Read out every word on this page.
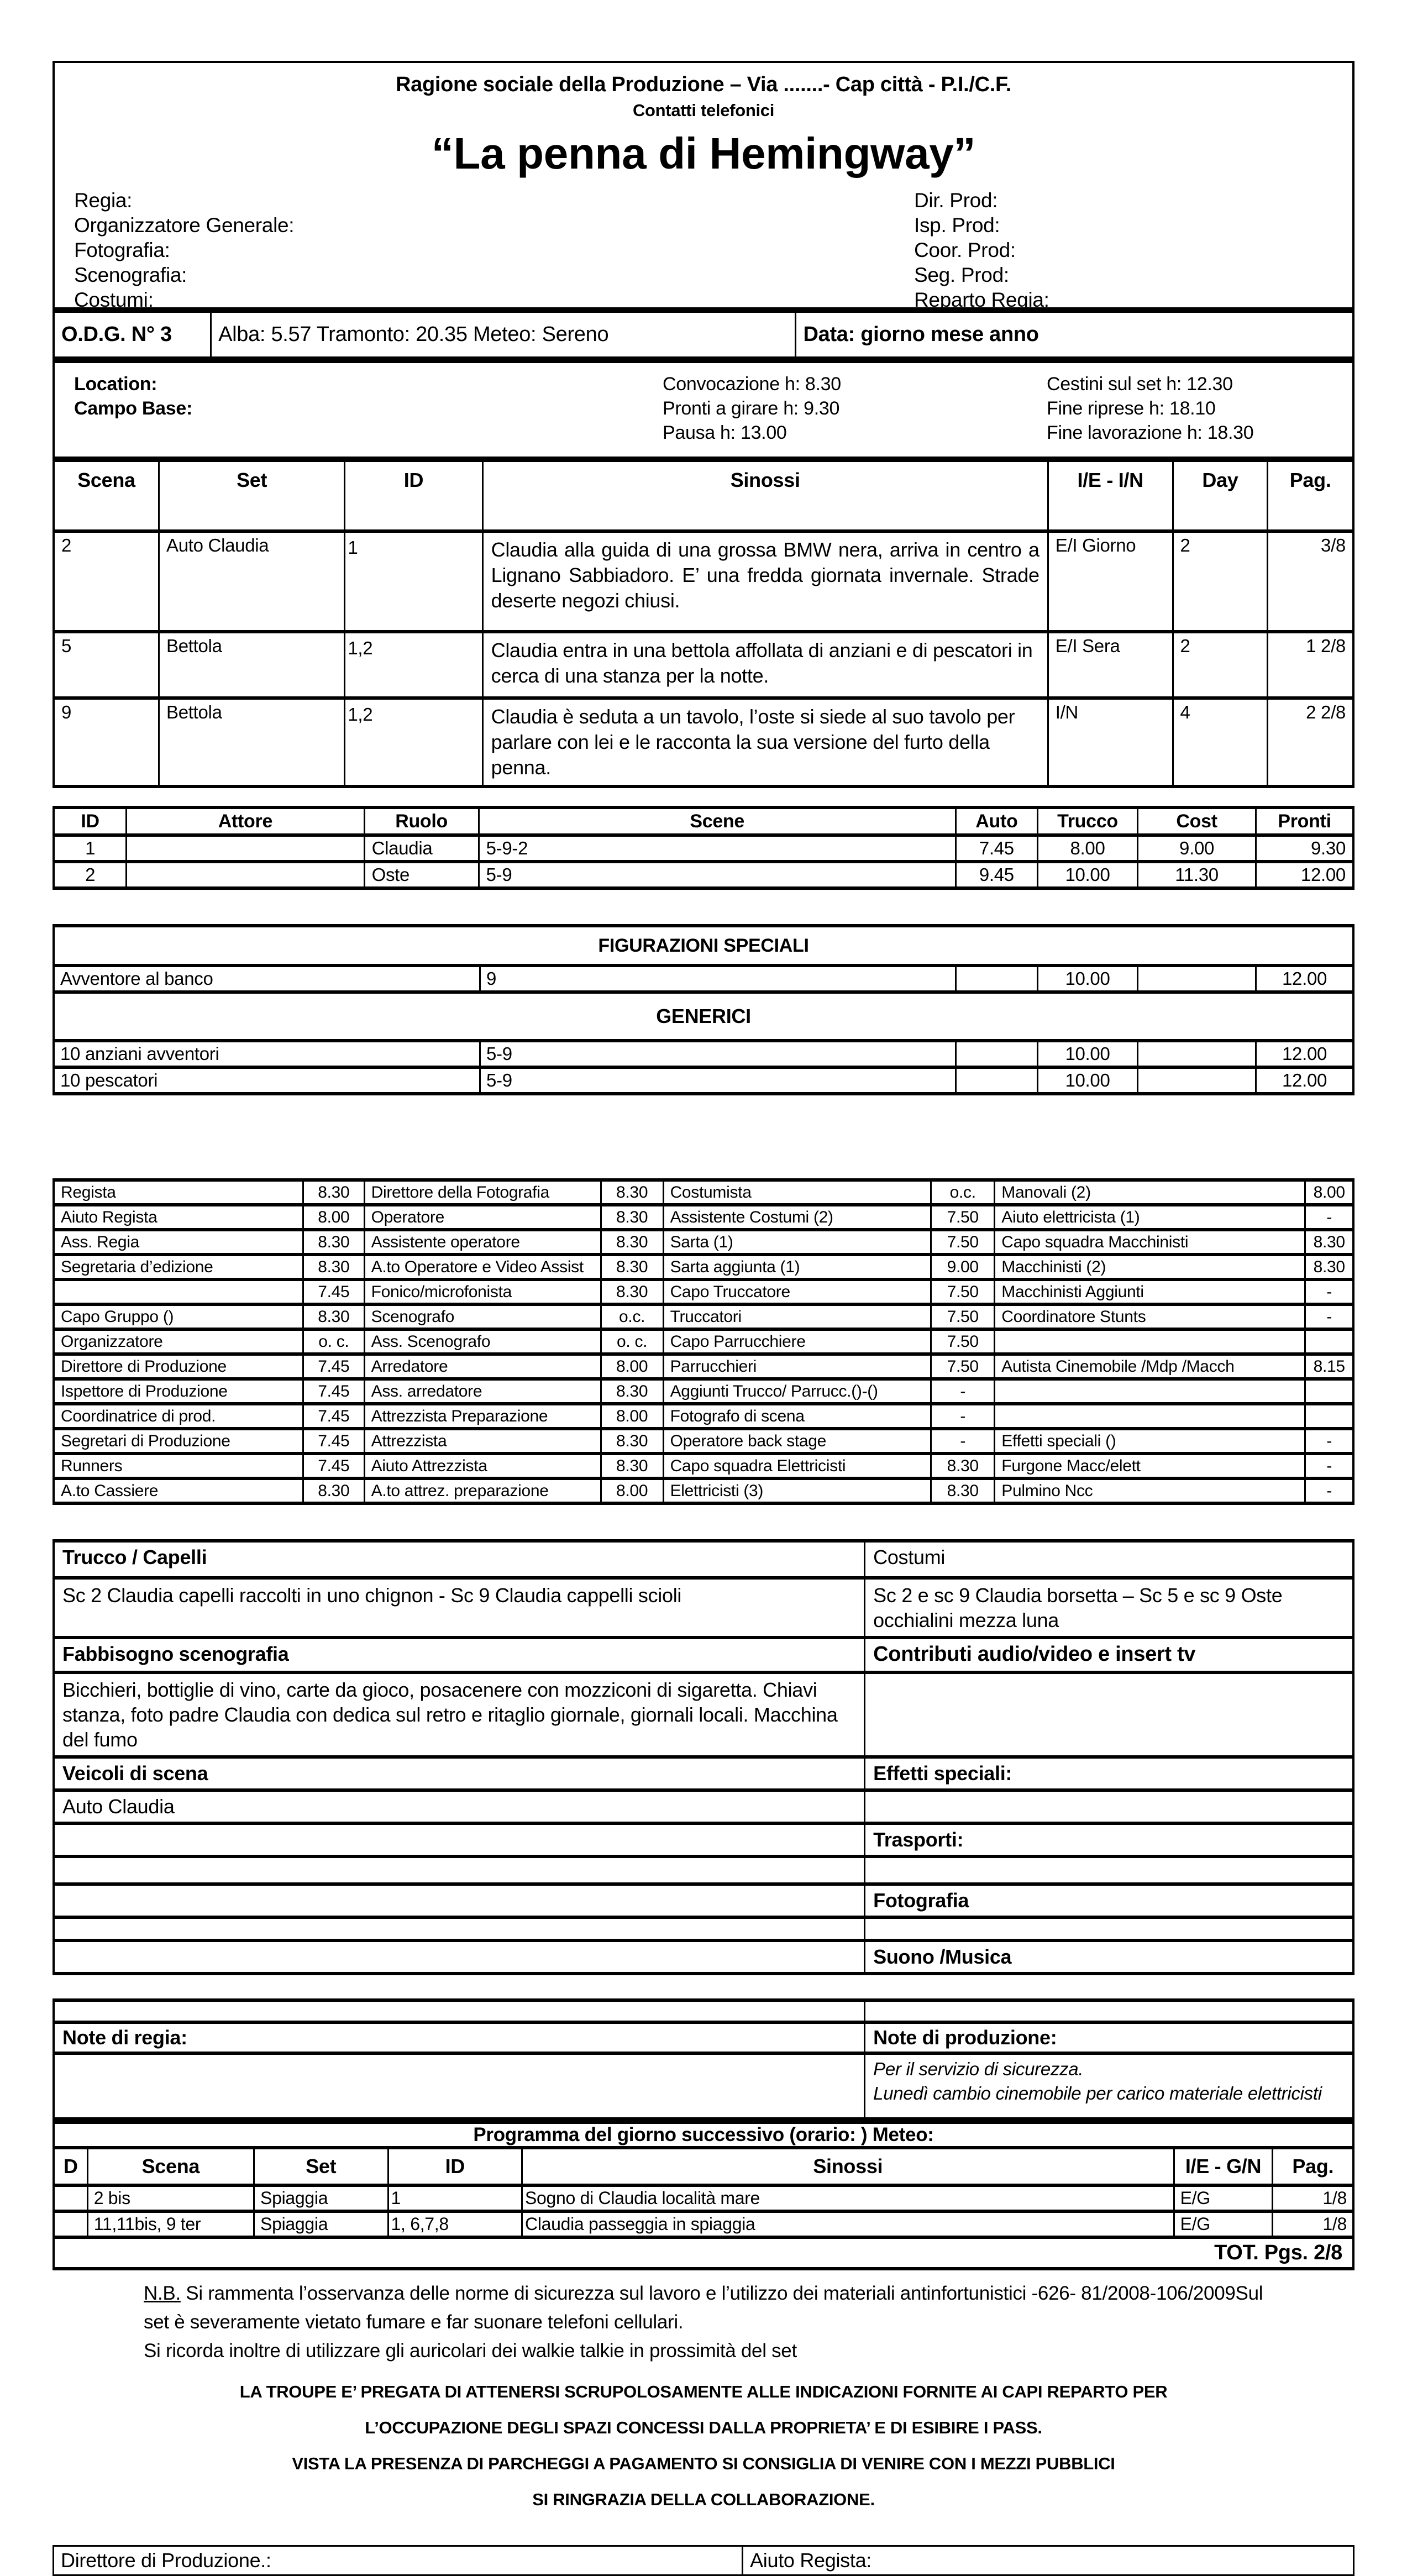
Ragione sociale della Produzione – Via .......- Cap città - P.I./C.F.
Contatti telefonici
“La penna di Hemingway”
Regia:
Organizzatore Generale:
Fotografia:
Scenografia:
Costumi:
Dir. Prod:
Isp. Prod:
Coor. Prod:
Seg. Prod:
Reparto Regia:
O.D.G. N° 3	Alba: 5.57 Tramonto: 20.35 Meteo: Sereno	Data: giorno mese anno
Location:
Campo Base:
Convocazione h: 8.30
Pronti a girare h: 9.30
Pausa h: 13.00
Cestini sul set h: 12.30
Fine riprese h: 18.10
Fine lavorazione h: 18.30
Scena	Set	ID	Sinossi	I/E - I/N	Day	Pag.
2	Auto Claudia	1	Claudia alla guida di una grossa BMW nera, arriva in centro a Lignano Sabbiadoro. E’ una fredda giornata invernale. Strade deserte negozi chiusi.	E/I Giorno	2	3/8
5	Bettola	1,2	Claudia entra in una bettola affollata di anziani e di pescatori in cerca di una stanza per la notte.	E/I Sera	2	1 2/8
9	Bettola	1,2	Claudia è seduta a un tavolo, l’oste si siede al suo tavolo per parlare con lei e le racconta la sua versione del furto della penna.	I/N	4	2 2/8
ID	Attore	Ruolo	Scene	Auto	Trucco	Cost	Pronti
1		Claudia	5-9-2	7.45	8.00	9.00	9.30
2		Oste	5-9	9.45	10.00	11.30	12.00
FIGURAZIONI SPECIALI					
Avventore al banco	9		10.00		12.00
GENERICI					
10 anziani avventori	5-9		10.00		12.00
10 pescatori	5-9		10.00		12.00
Regista	8.30	Direttore della Fotografia	8.30	Costumista	o.c.	Manovali (2)	8.00
Aiuto Regista	8.00	Operatore	8.30	Assistente Costumi (2)	7.50	Aiuto elettricista (1)	-
Ass. Regia	8.30	Assistente operatore	8.30	Sarta (1)	7.50	Capo squadra Macchinisti	8.30
Segretaria d’edizione	8.30	A.to Operatore e Video Assist	8.30	Sarta aggiunta (1)	9.00	Macchinisti (2)	8.30
	7.45	Fonico/microfonista	8.30	Capo Truccatore	7.50	Macchinisti Aggiunti	-
Capo Gruppo ()	8.30	Scenografo	o.c.	Truccatori	7.50	Coordinatore Stunts	-
Organizzatore	o. c.	Ass. Scenografo	o. c.	Capo Parrucchiere	7.50		
Direttore di Produzione	7.45	Arredatore	8.00	Parrucchieri	7.50	Autista Cinemobile /Mdp /Macch	8.15
Ispettore di Produzione	7.45	Ass. arredatore	8.30	Aggiunti Trucco/ Parrucc.()-()	-		
Coordinatrice di prod.	7.45	Attrezzista Preparazione	8.00	Fotografo di scena	-		
Segretari di Produzione	7.45	Attrezzista	8.30	Operatore back stage	-	Effetti speciali ()	-
Runners	7.45	Aiuto Attrezzista	8.30	Capo squadra Elettricisti	8.30	Furgone Macc/elett	-
A.to Cassiere	8.30	A.to attrez. preparazione	8.00	Elettricisti (3)	8.30	Pulmino Ncc	-
Trucco / Capelli	Costumi
Sc 2 Claudia capelli raccolti in uno chignon - Sc 9 Claudia cappelli scioli	Sc 2 e sc 9 Claudia borsetta – Sc 5 e sc 9 Oste occhialini mezza luna
Fabbisogno scenografia	Contributi audio/video e insert tv
Bicchieri, bottiglie di vino, carte da gioco, posacenere con mozziconi di sigaretta. Chiavi stanza, foto padre Claudia con dedica sul retro e ritaglio giornale, giornali locali. Macchina del fumo	
Veicoli di scena	Effetti speciali:
Auto Claudia	
	Trasporti:

	Fotografia

	Suono /Musica

Note di regia:	Note di produzione:

	Per il servizio di sicurezza.
Lunedì cambio cinemobile per carico materiale elettricisti
Programma del giorno successivo (orario: ) Meteo:						
D	Scena	Set	ID	Sinossi	I/E - G/N	Pag.
	2 bis	Spiaggia	1	Sogno di Claudia località mare	E/G	1/8
	11,11bis, 9 ter	Spiaggia	1, 6,7,8	Claudia passeggia in spiaggia	E/G	1/8
TOT. Pgs. 2/8						
N.B. Si rammenta l’osservanza delle norme di sicurezza sul lavoro e l’utilizzo dei materiali antinfortunistici -626- 81/2008-106/2009Sul set è severamente vietato fumare e far suonare telefoni cellulari.
Si ricorda inoltre di utilizzare gli auricolari dei walkie talkie in prossimità del set
LA TROUPE E’ PREGATA DI ATTENERSI SCRUPOLOSAMENTE ALLE INDICAZIONI FORNITE AI CAPI REPARTO PER
L’OCCUPAZIONE DEGLI SPAZI CONCESSI DALLA PROPRIETA’ E DI ESIBIRE I PASS.
VISTA LA PRESENZA DI PARCHEGGI A PAGAMENTO SI CONSIGLIA DI VENIRE CON I MEZZI PUBBLICI
SI RINGRAZIA DELLA COLLABORAZIONE.
Direttore di Produzione.:	Aiuto Regista:
